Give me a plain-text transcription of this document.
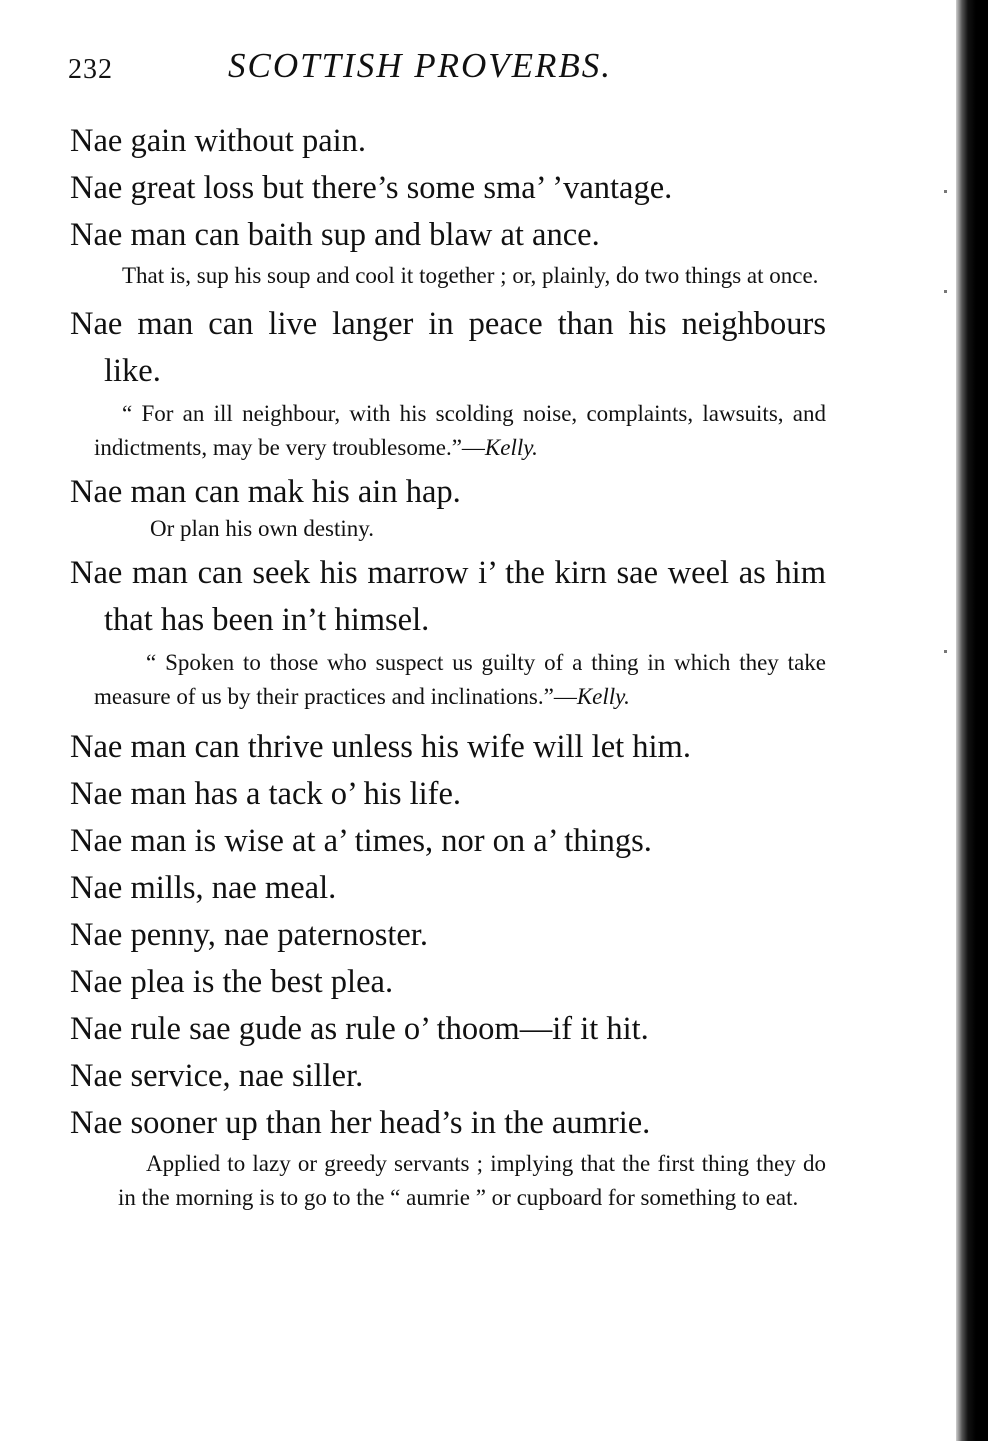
232	SCOTTISH PROVERBS.

Nae gain without pain.

Nae great loss but there’s some sma’ ’vantage.

Nae man can baith sup and blaw at ance.

That is, sup his soup and cool it together ; or, plainly, do two things at once.

Nae man can live langer in peace than his neighbours like.

“ For an ill neighbour, with his scolding noise, complaints, lawsuits, and indictments, may be very troublesome.”—Kelly.

Nae man can mak his ain hap.

Or plan his own destiny.

Nae man can seek his marrow i’ the kirn sae weel as him that has been in’t himsel.

“ Spoken to those who suspect us guilty of a thing in which they take measure of us by their practices and inclinations.”—Kelly.

Nae man can thrive unless his wife will let him.

Nae man has a tack o’ his life.

Nae man is wise at a’ times, nor on a’ things.

Nae mills, nae meal.

Nae penny, nae paternoster.

Nae plea is the best plea.

Nae rule sae gude as rule o’ thoom—if it hit.

Nae service, nae siller.

Nae sooner up than her head’s in the aumrie.

Applied to lazy or greedy servants ; implying that the first thing they do in the morning is to go to the “ aumrie ” or cupboard for something to eat.
